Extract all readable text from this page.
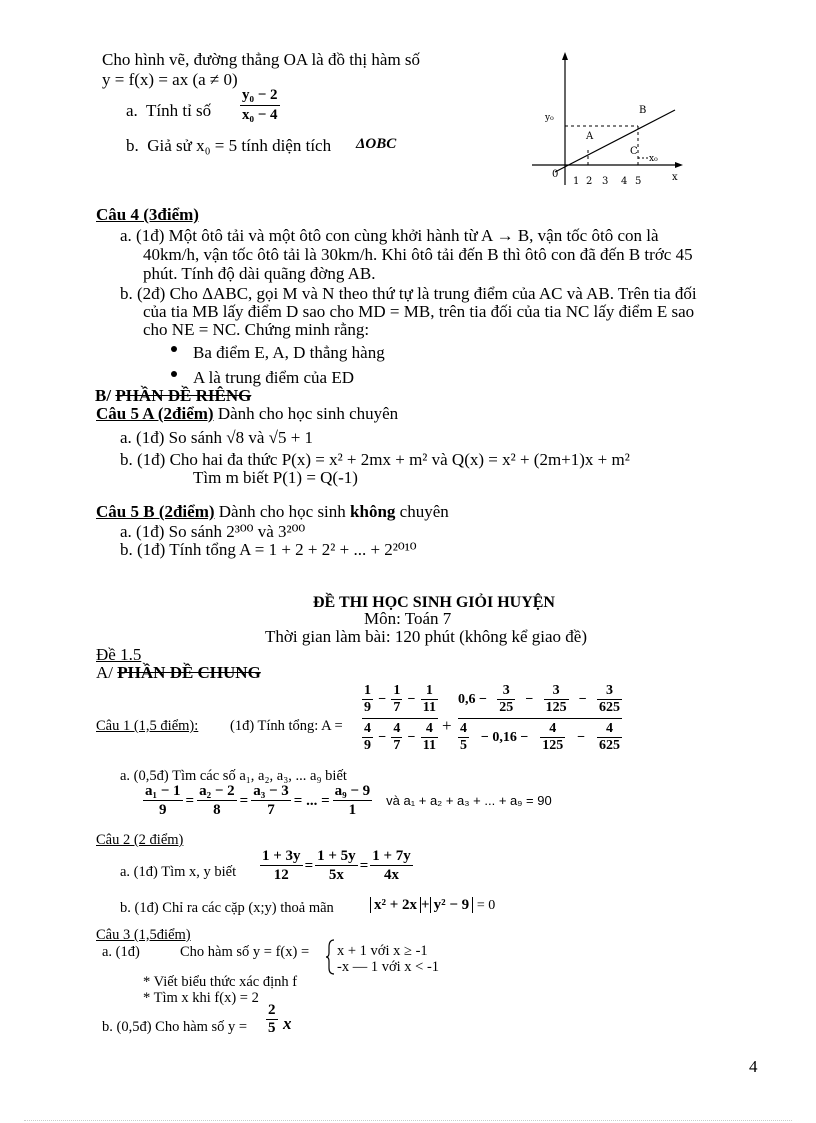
Cho hình vẽ, đường thẳng OA là đồ thị hàm số
y = f(x) = ax (a ≠ 0)
a. Tính tỉ số $\frac{\text{y₀ − 2}}{\text{x₀ − 4}}$
b. Giả sử x₀ = 5 tính diện tích ΔOBC
y₀
0	x
B
A
C
x₀
1 2 3 4 5
Câu 4 (3điểm)
a. (1đ) Một ôtô tải và một ôtô con cùng khởi hành từ A → B, vận tốc ôtô con là
40km/h, vận tốc ôtô tải là 30km/h. Khi ôtô tải đến B thì ôtô con đã đến B trớc 45
phút. Tính độ dài quãng đờng AB.
b. (2đ) Cho ΔABC, gọi M và N theo thứ tự là trung điểm của AC và AB. Trên tia đối
của tia MB lấy điểm D sao cho MD = MB, trên tia đối của tia NC lấy điểm E sao
cho NE = NC. Chứng minh rằng:
Ba điểm E, A, D thẳng hàng
A là trung điểm của ED
B/ PHẦN ĐỀ RIÊNG
Câu 5 A (2điểm) Dành cho học sinh chuyên
a. (1đ) So sánh √8 và √5 + 1
b. (1đ) Cho hai đa thức P(x) = x² + 2mx + m² và Q(x) = x² + (2m+1)x + m²
Tìm m biết P(1) = Q(-1)
Câu 5 B (2điểm) Dành cho học sinh không chuyên
a. (1đ) So sánh 2³⁰⁰ và 3²⁰⁰
b. (1đ) Tính tổng A = 1 + 2 + 2² + ... + 2²⁰¹⁰
ĐỀ THI HỌC SINH GIỎI HUYỆN
Môn: Toán 7
Thời gian làm bài: 120 phút (không kể giao đề)
Đề 1.5
A/ PHẦN ĐỀ CHUNG
Câu 1 (1,5 điểm): (1đ) Tính tổng: A =
$\frac{1}{9} - \frac{1}{7} - \frac{1}{11}$
$\frac{4}{9} - \frac{4}{7} - \frac{4}{11}$ +
$0,6 - \frac{3}{25} - \frac{3}{125} - \frac{3}{625}$
$\frac{4}{5} - 0,16 - \frac{4}{125} - \frac{4}{625}$
a. (0,5đ) Tìm các số a₁, a₂, a₃, ... a₉ biết
$\frac{\text{a₁ − 1}}{9} = \frac{\text{a₂ − 2}}{8} = \frac{\text{a₃ − 3}}{7}$ = ... = $\frac{\text{a₉ − 9}}{1}$ và a₁ + a₂ + a₃ + ... + a₉ = 90
Câu 2 (2 điểm)
a. (1đ) Tìm x, y biết $\frac{1 + 3y}{12} = \frac{1 + 5y}{5x} = \frac{1 + 7y}{4x}$
b. (1đ) Chỉ ra các cặp (x;y) thoả mãn	x² + 2x + y² − 9 = 0
Câu 3 (1,5điểm)
a. (1đ)	Cho hàm số y = f(x) = x + 1 với x ≥ -1
-x — 1 với x < -1
* Viết biểu thức xác định f
* Tìm x khi f(x) = 2
b. (0,5đ) Cho hàm số $y = \frac{2}{5}$ x
4
